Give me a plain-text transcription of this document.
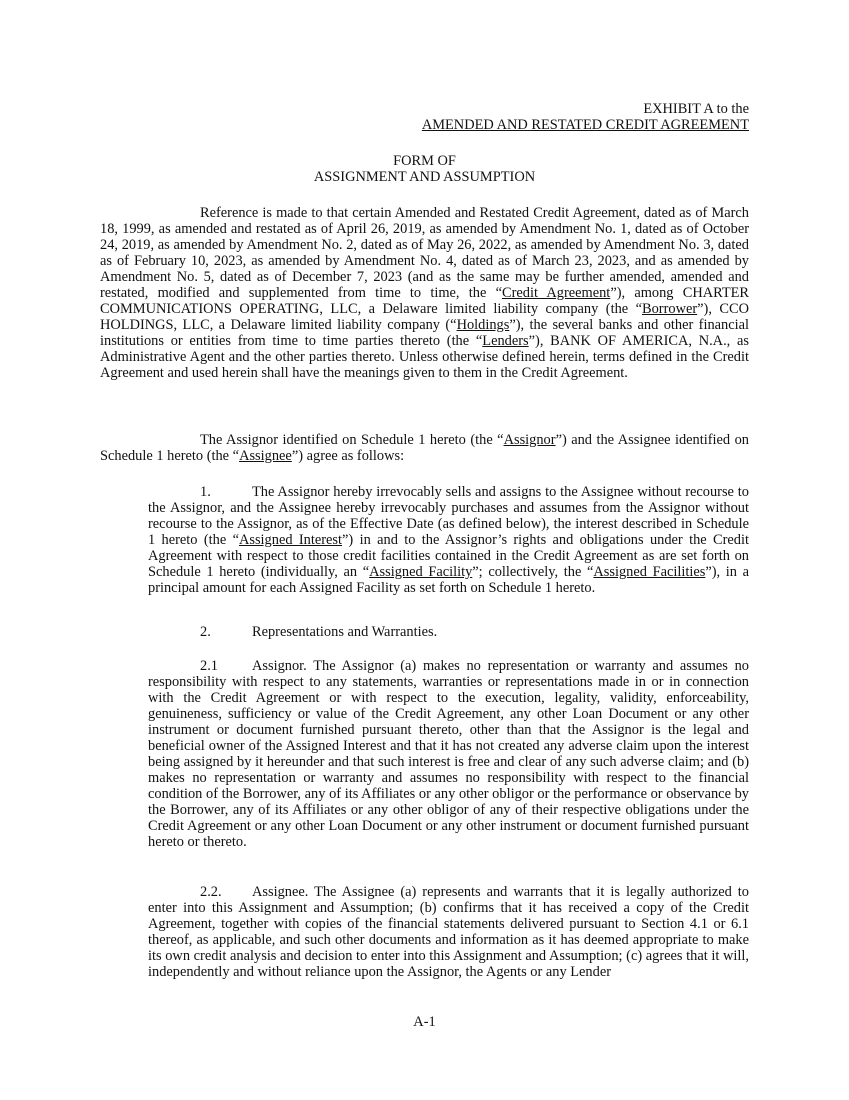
EXHIBIT A to the
AMENDED AND RESTATED CREDIT AGREEMENT
FORM OF
ASSIGNMENT AND ASSUMPTION

Reference is made to that certain Amended and Restated Credit Agreement, dated as of March 18, 1999, as amended and restated as of April 26, 2019, as amended by Amendment No. 1, dated as of October 24, 2019, as amended by Amendment No. 2, dated as of May 26, 2022, as amended by Amendment No. 3, dated as of February 10, 2023, as amended by Amendment No. 4, dated as of March 23, 2023, and as amended by Amendment No. 5, dated as of December 7, 2023 (and as the same may be further amended, amended and restated, modified and supplemented from time to time, the “Credit Agreement”), among CHARTER COMMUNICATIONS OPERATING, LLC, a Delaware limited liability company (the “Borrower”), CCO HOLDINGS, LLC, a Delaware limited liability company (“Holdings”), the several banks and other financial institutions or entities from time to time parties thereto (the “Lenders”), BANK OF AMERICA, N.A., as Administrative Agent and the other parties thereto. Unless otherwise defined herein, terms defined in the Credit Agreement and used herein shall have the meanings given to them in the Credit Agreement.

The Assignor identified on Schedule 1 hereto (the “Assignor”) and the Assignee identified on Schedule 1 hereto (the “Assignee”) agree as follows:

1.	The Assignor hereby irrevocably sells and assigns to the Assignee without recourse to the Assignor, and the Assignee hereby irrevocably purchases and assumes from the Assignor without recourse to the Assignor, as of the Effective Date (as defined below), the interest described in Schedule 1 hereto (the “Assigned Interest”) in and to the Assignor’s rights and obligations under the Credit Agreement with respect to those credit facilities contained in the Credit Agreement as are set forth on Schedule 1 hereto (individually, an “Assigned Facility”; collectively, the “Assigned Facilities”), in a principal amount for each Assigned Facility as set forth on Schedule 1 hereto.

2.	Representations and Warranties.

2.1 Assignor. The Assignor (a) makes no representation or warranty and assumes no responsibility with respect to any statements, warranties or representations made in or in connection with the Credit Agreement or with respect to the execution, legality, validity, enforceability, genuineness, sufficiency or value of the Credit Agreement, any other Loan Document or any other instrument or document furnished pursuant thereto, other than that the Assignor is the legal and beneficial owner of the Assigned Interest and that it has not created any adverse claim upon the interest being assigned by it hereunder and that such interest is free and clear of any such adverse claim; and (b) makes no representation or warranty and assumes no responsibility with respect to the financial condition of the Borrower, any of its Affiliates or any other obligor or the performance or observance by the Borrower, any of its Affiliates or any other obligor of any of their respective obligations under the Credit Agreement or any other Loan Document or any other instrument or document furnished pursuant hereto or thereto.

2.2. Assignee. The Assignee (a) represents and warrants that it is legally authorized to enter into this Assignment and Assumption; (b) confirms that it has received a copy of the Credit Agreement, together with copies of the financial statements delivered pursuant to Section 4.1 or 6.1 thereof, as applicable, and such other documents and information as it has deemed appropriate to make its own credit analysis and decision to enter into this Assignment and Assumption; (c) agrees that it will, independently and without reliance upon the Assignor, the Agents or any Lender

A-1
